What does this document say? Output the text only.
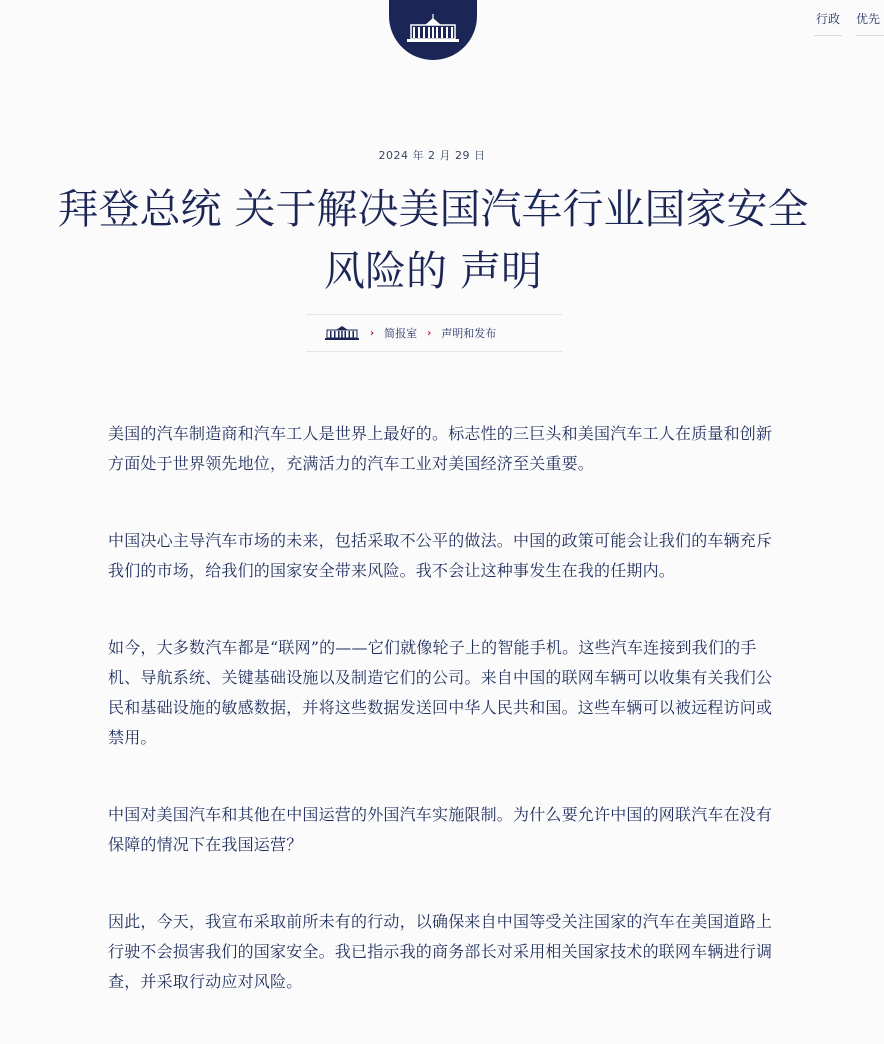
行政 优先
2024 年 2 月 29 日
拜登总统 关于解决美国汽车行业国家安全
风险的 声明
› 简报室 › 声明和发布

美国的汽车制造商和汽车工人是世界上最好的。标志性的三巨头和美国汽车工人在质量和创新方面处于世界领先地位，充满活力的汽车工业对美国经济至关重要。

中国决心主导汽车市场的未来，包括采取不公平的做法。中国的政策可能会让我们的车辆充斥我们的市场，给我们的国家安全带来风险。我不会让这种事发生在我的任期内。

如今，大多数汽车都是“联网”的——它们就像轮子上的智能手机。这些汽车连接到我们的手机、导航系统、关键基础设施以及制造它们的公司。来自中国的联网车辆可以收集有关我们公民和基础设施的敏感数据，并将这些数据发送回中华人民共和国。这些车辆可以被远程访问或禁用。

中国对美国汽车和其他在中国运营的外国汽车实施限制。为什么要允许中国的网联汽车在没有保障的情况下在我国运营？

因此，今天，我宣布采取前所未有的行动，以确保来自中国等受关注国家的汽车在美国道路上行驶不会损害我们的国家安全。我已指示我的商务部长对采用相关国家技术的联网车辆进行调查，并采取行动应对风险。
